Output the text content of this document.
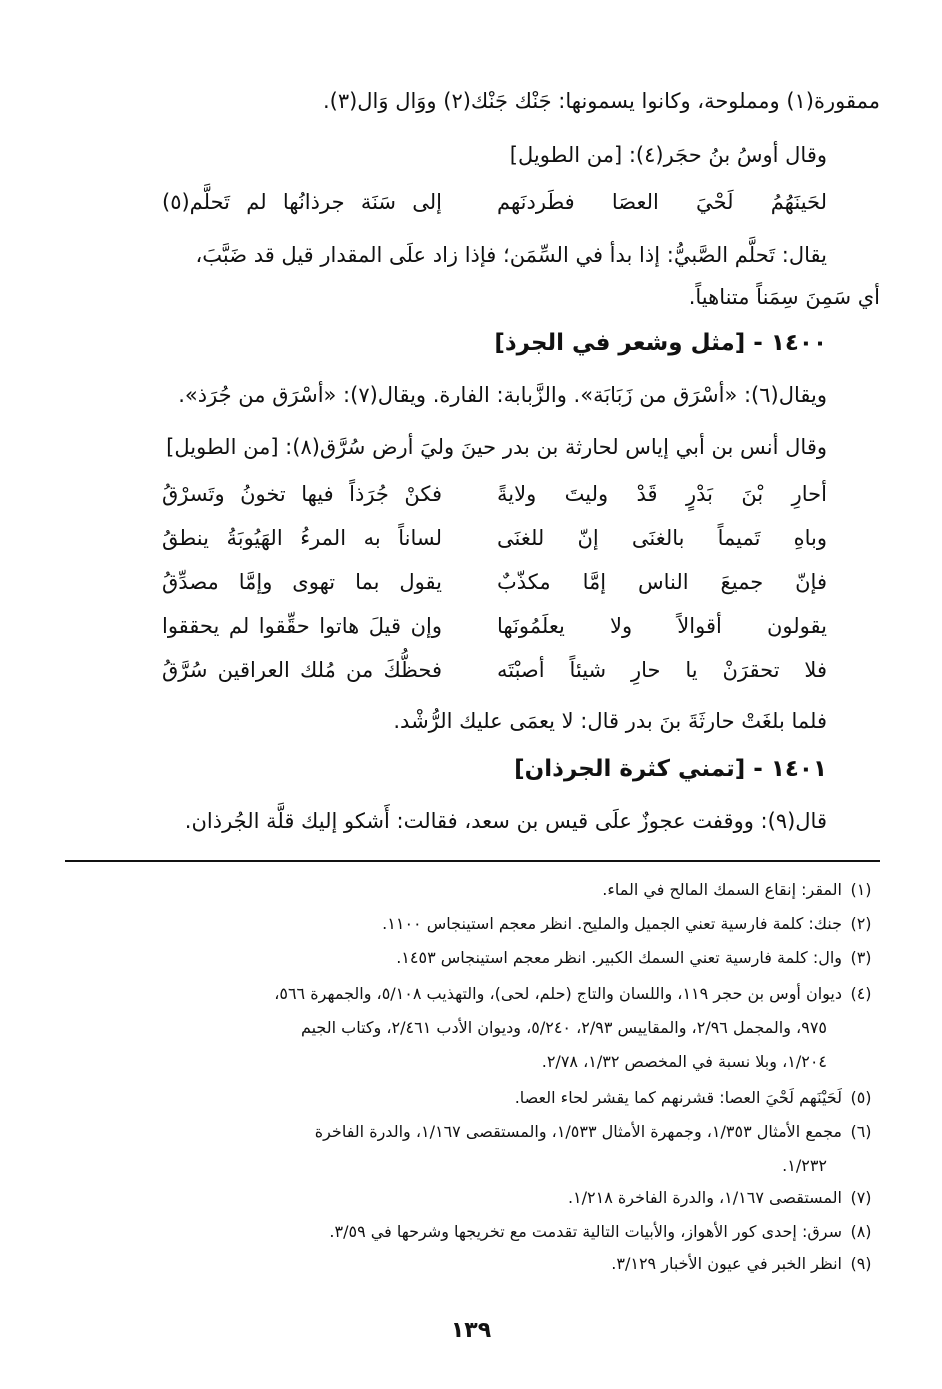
ممقورة(١) ومملوحة، وكانوا يسمونها: جَنْك جَنْك(٢) ووَال وَال(٣).
وقال أوسُ بنُ حجَر(٤): [من الطويل]
لحَينَهُمُ لَحْيَ العصَا فطَردنَهم
إلى سَنَة جرذانُها لم تَحلَّم(٥)
يقال: تَحلَّم الصَّبيُّ: إذا بدأ في السِّمَن؛ فإذا زاد علَى المقدار قيل قد ضَبَّبَ،
أي سَمِنَ سِمَناً متناهياً.
١٤٠٠ - [مثل وشعر في الجرذ]
ويقال(٦): «أسْرَق من زَبَابَة». والزَّبابة: الفارة. ويقال(٧): «أسْرَق من جُرَذ».
وقال أنس بن أبي إياس لحارثة بن بدر حينَ وليَ أرض سُرَّق(٨): [من الطويل]
أحارِ بْنَ بَدْرٍ قَدْ وليتَ ولايةً
فكنْ جُرَذاً فيها تخونُ وتَسرْقُ
وباهِ تَميماً بالغنَى إنّ للغنَى
لساناً به المرءُ الهَيُوبَةُ ينطقُ
فإنّ جميعَ الناس إمَّا مكذّبٌ
يقول بما تهوى وإمَّا مصدِّقُ
يقولون أقوالاً ولا يعلَمُونَها
وإن قيلَ هاتوا حقِّقوا لم يحققوا
فلا تحقرَنْ يا حارِ شيئاً أصبْتَه
فحظُّكَ من مُلك العراقين سُرَّقُ
فلما بلغَتْ حارثَةَ بنَ بدر قال: لا يعمَى عليك الرُّشْد.
١٤٠١ - [تمني كثرة الجرذان]
قال(٩): ووقفت عجوزٌ علَى قيس بن سعد، فقالت: أَشكو إليك قلَّة الجُرذان.
(١)المقر: إنقاع السمك المالح في الماء.
(٢)جنك: كلمة فارسية تعني الجميل والمليح. انظر معجم استينجاس ١١٠٠.
(٣)وال: كلمة فارسية تعني السمك الكبير. انظر معجم استينجاس ١٤٥٣.
(٤)ديوان أوس بن حجر ١١٩، واللسان والتاج (حلم، لحى)، والتهذيب ٥/١٠٨، والجمهرة ٥٦٦،
٩٧٥، والمجمل ٢/٩٦، والمقاييس ٢/٩٣، ٥/٢٤٠، وديوان الأدب ٢/٤٦١، وكتاب الجيم
١/٢٠٤، وبلا نسبة في المخصص ١/٣٢، ٢/٧٨.
(٥)لَحَيْنَهم لَحْيَ العصا: قشرنهم كما يقشر لحاء العصا.
(٦)مجمع الأمثال ١/٣٥٣، وجمهرة الأمثال ١/٥٣٣، والمستقصى ١/١٦٧، والدرة الفاخرة
١/٢٣٢.
(٧)المستقصى ١/١٦٧، والدرة الفاخرة ١/٢١٨.
(٨)سرق: إحدى كور الأهواز، والأبيات التالية تقدمت مع تخريجها وشرحها في ٣/٥٩.
(٩)انظر الخبر في عيون الأخبار ٣/١٢٩.
١٣٩
